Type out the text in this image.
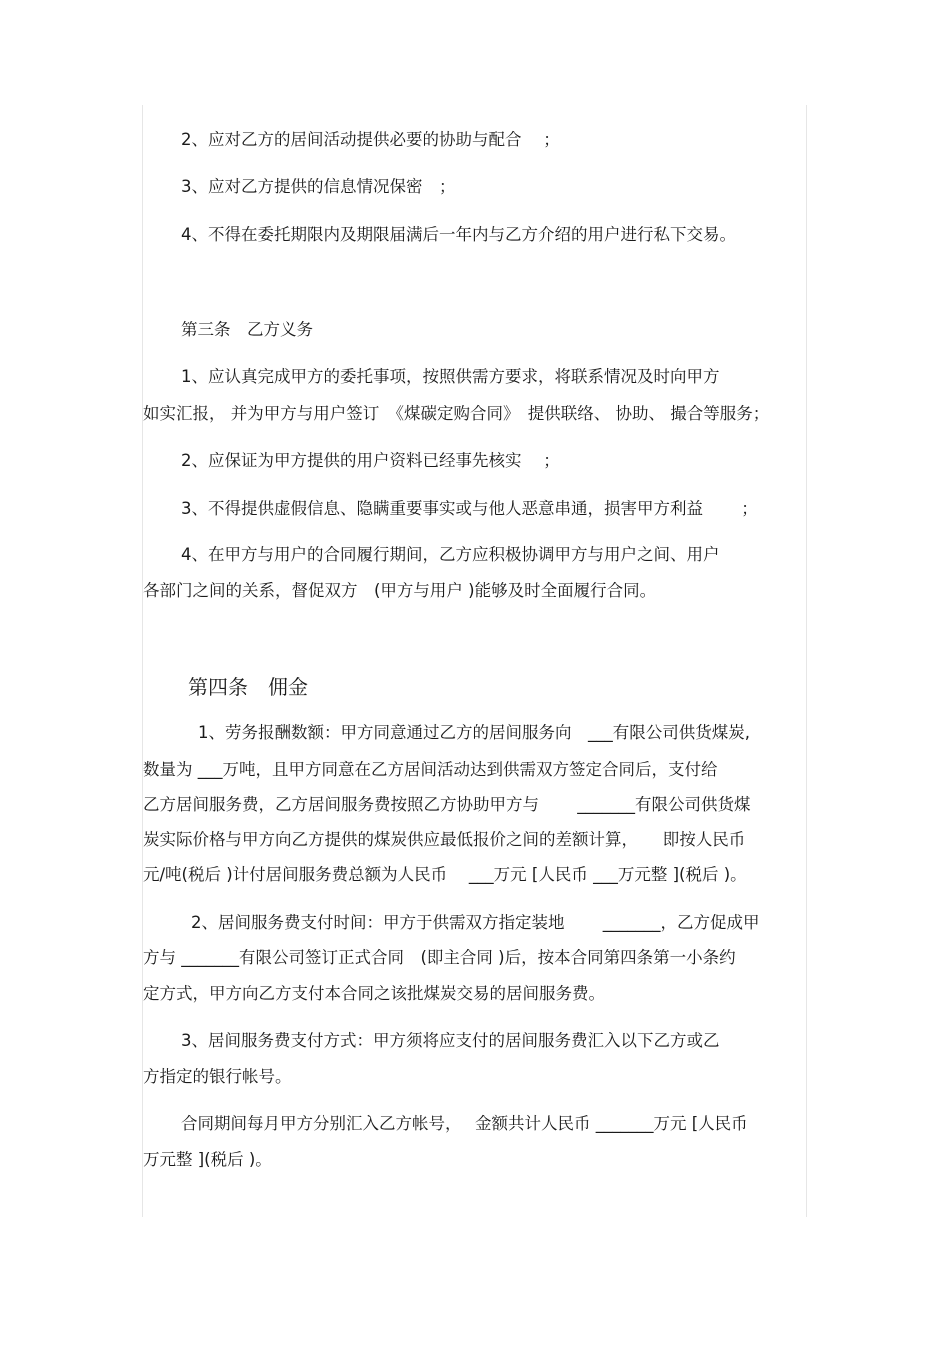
2、应对乙方的居间活动提供必要的协助与配合　 ；
3、应对乙方提供的信息情况保密　；
4、不得在委托期限内及期限届满后一年内与乙方介绍的用户进行私下交易。
第三条　乙方义务
1、应认真完成甲方的委托事项，按照供需方要求，将联系情况及时向甲方
如实汇报， 并为甲方与用户签订　《煤碳定购合同》　提供联络、 协助、 撮合等服务；
2、应保证为甲方提供的用户资料已经事先核实　 ；
3、不得提供虚假信息、隐瞒重要事实或与他人恶意串通，损害甲方利益　　 ；
4、在甲方与用户的合同履行期间，乙方应积极协调甲方与用户之间、用户
各部门之间的关系，督促双方　(甲方与用户 )能够及时全面履行合同。
第四条　佣金
1、劳务报酬数额：甲方同意通过乙方的居间服务向　___有限公司供货煤炭,
数量为 ___万吨，且甲方同意在乙方居间活动达到供需双方签定合同后，支付给
乙方居间服务费，乙方居间服务费按照乙方协助甲方与　　 _______有限公司供货煤
炭实际价格与甲方向乙方提供的煤炭供应最低报价之间的差额计算，　　即按人民币
元/吨(税后 )计付居间服务费总额为人民币　 ___万元 [人民币 ___万元整 ](税后 )。
2、居间服务费支付时间：甲方于供需双方指定装地　　 _______，乙方促成甲
方与 _______有限公司签订正式合同　(即主合同 )后，按本合同第四条第一小条约
定方式，甲方向乙方支付本合同之该批煤炭交易的居间服务费。
3、居间服务费支付方式：甲方须将应支付的居间服务费汇入以下乙方或乙
方指定的银行帐号。
合同期间每月甲方分别汇入乙方帐号，　 金额共计人民币 _______万元 [人民币
万元整 ](税后 )。
